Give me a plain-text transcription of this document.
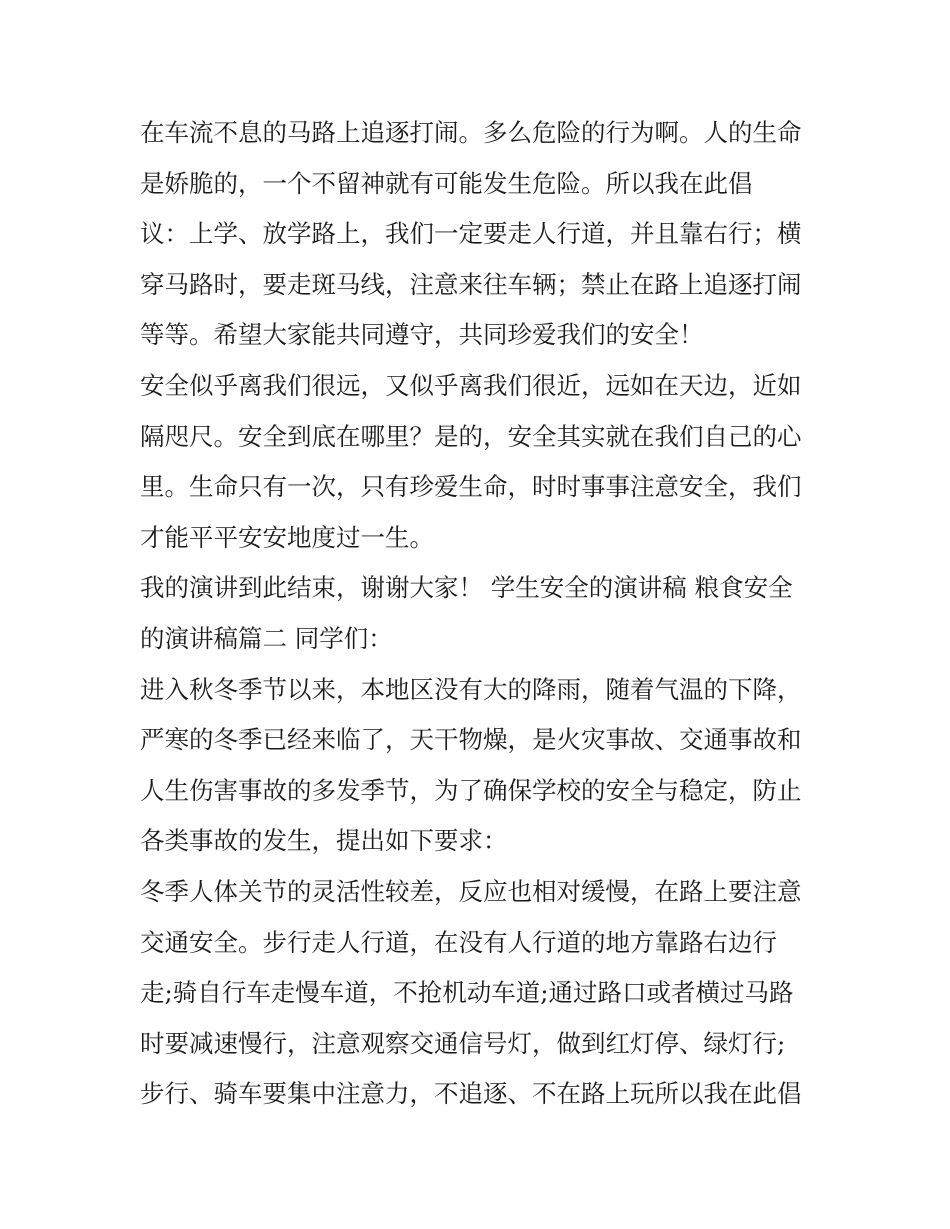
在车流不息的马路上追逐打闹。多么危险的行为啊。人的生命
是娇脆的，一个不留神就有可能发生危险。所以我在此倡
议：上学、放学路上，我们一定要走人行道，并且靠右行；横
穿马路时，要走斑马线，注意来往车辆；禁止在路上追逐打闹
等等。希望大家能共同遵守，共同珍爱我们的安全！
安全似乎离我们很远，又似乎离我们很近，远如在天边，近如
隔咫尺。安全到底在哪里？是的，安全其实就在我们自己的心
里。生命只有一次，只有珍爱生命，时时事事注意安全，我们
才能平平安安地度过一生。
我的演讲到此结束，谢谢大家！ 学生安全的演讲稿 粮食安全
的演讲稿篇二 同学们：
进入秋冬季节以来，本地区没有大的降雨，随着气温的下降，
严寒的冬季已经来临了，天干物燥，是火灾事故、交通事故和
人生伤害事故的多发季节，为了确保学校的安全与稳定，防止
各类事故的发生，提出如下要求：
冬季人体关节的灵活性较差，反应也相对缓慢，在路上要注意
交通安全。步行走人行道，在没有人行道的地方靠路右边行
走;骑自行车走慢车道，不抢机动车道;通过路口或者横过马路
时要减速慢行，注意观察交通信号灯，做到红灯停、绿灯行;
步行、骑车要集中注意力，不追逐、不在路上玩所以我在此倡
